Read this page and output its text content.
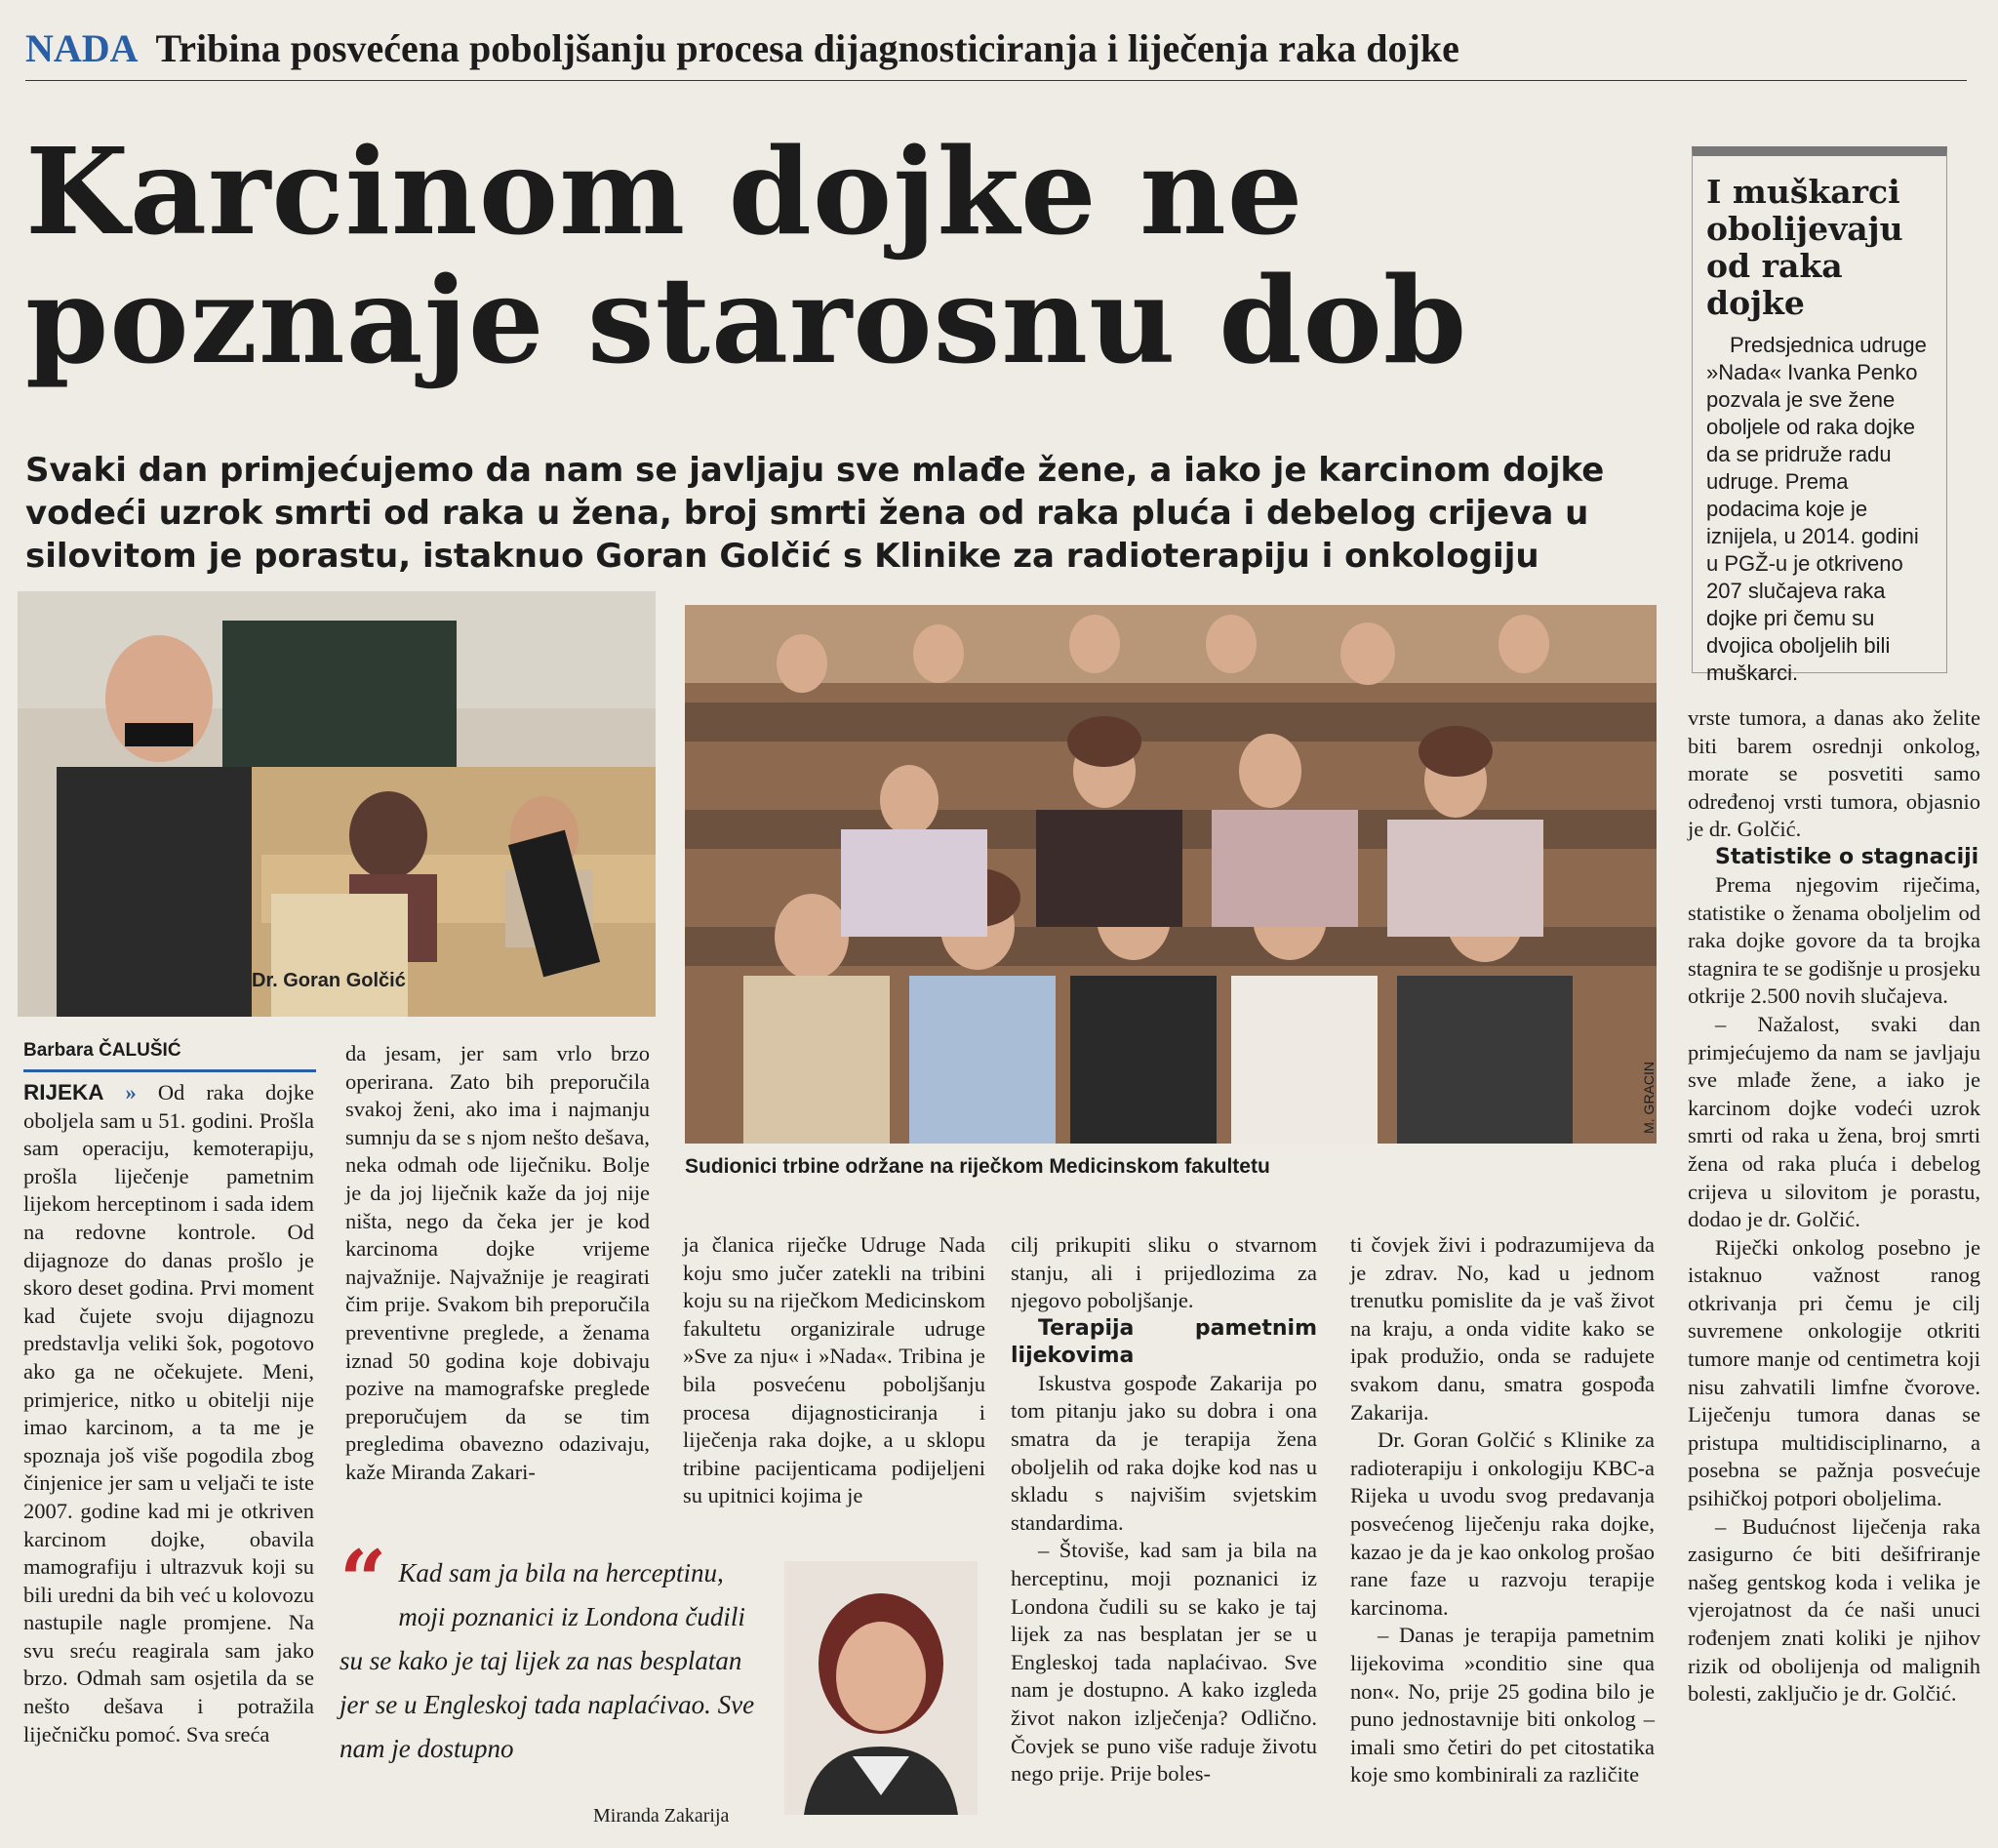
NADA Tribina posvećena poboljšanju procesa dijagnosticiranja i liječenja raka dojke
Karcinom dojke ne poznaje starosnu dob

Svaki dan primjećujemo da nam se javljaju sve mlađe žene, a iako je karcinom dojke vodeći uzrok smrti od raka u žena, broj smrti žena od raka pluća i debelog crijeva u silovitom je porastu, istaknuo Goran Golčić s Klinike za radioterapiju i onkologiju

Dr. Goran Golčić
M. GRACIN
Sudionici trbine održane na riječkom Medicinskom fakultetu
Barbara ČALUŠIĆ

RIJEKA » Od raka dojke oboljela sam u 51. godini. Prošla sam operaciju, kemoterapiju, prošla liječenje pametnim lijekom herceptinom i sada idem na redovne kontrole. Od dijagnoze do danas prošlo je skoro deset godina. Prvi moment kad čujete svoju dijagnozu predstavlja veliki šok, pogotovo ako ga ne očekujete. Meni, primjerice, nitko u obitelji nije imao karcinom, a ta me je spoznaja još više pogodila zbog činjenice jer sam u veljači te iste 2007. godine kad mi je otkriven karcinom dojke, obavila mamografiju i ultrazvuk koji su bili uredni da bih već u kolovozu nastupile nagle promjene. Na svu sreću reagirala sam jako brzo. Odmah sam osjetila da se nešto dešava i potražila liječničku pomoć. Sva sreća

da jesam, jer sam vrlo brzo operirana. Zato bih preporučila svakoj ženi, ako ima i najmanju sumnju da se s njom nešto dešava, neka odmah ode liječniku. Bolje je da joj liječnik kaže da joj nije ništa, nego da čeka jer je kod karcinoma dojke vrijeme najvažnije. Najvažnije je reagirati čim prije. Svakom bih preporučila preventivne preglede, a ženama iznad 50 godina koje dobivaju pozive na mamografske preglede preporučujem da se tim pregledima obavezno odazivaju, kaže Miranda Zakari-

ja članica riječke Udruge Nada koju smo jučer zatekli na tribini koju su na riječkom Medicinskom fakultetu organizirale udruge »Sve za nju« i »Nada«. Tribina je bila posvećenu poboljšanju procesa dijagnosticiranja i liječenja raka dojke, a u sklopu tribine pacijenticama podijeljeni su upitnici kojima je

cilj prikupiti sliku o stvarnom stanju, ali i prijedlozima za njegovo poboljšanje.

Terapija pametnim lijekovima

Iskustva gospođe Zakarija po tom pitanju jako su dobra i ona smatra da je terapija žena oboljelih od raka dojke kod nas u skladu s najvišim svjetskim standardima.

– Štoviše, kad sam ja bila na herceptinu, moji poznanici iz Londona čudili su se kako je taj lijek za nas besplatan jer se u Engleskoj tada naplaćivao. Sve nam je dostupno. A kako izgleda život nakon izlječenja? Odlično. Čovjek se puno više raduje životu nego prije. Prije boles-

ti čovjek živi i podrazumijeva da je zdrav. No, kad u jednom trenutku pomislite da je vaš život na kraju, a onda vidite kako se ipak produžio, onda se radujete svakom danu, smatra gospođa Zakarija.

Dr. Goran Golčić s Klinike za radioterapiju i onkologiju KBC-a Rijeka u uvodu svog predavanja posvećenog liječenju raka dojke, kazao je da je kao onkolog prošao rane faze u razvoju terapije karcinoma.

– Danas je terapija pametnim lijekovima »conditio sine qua non«. No, prije 25 godina bilo je puno jednostavnije biti onkolog – imali smo četiri do pet citostatika koje smo kombinirali za različite

vrste tumora, a danas ako želite biti barem osrednji onkolog, morate se posvetiti samo određenoj vrsti tumora, objasnio je dr. Golčić.

Statistike o stagnaciji

Prema njegovim riječima, statistike o ženama oboljelim od raka dojke govore da ta brojka stagnira te se godišnje u prosjeku otkrije 2.500 novih slučajeva.

– Nažalost, svaki dan primjećujemo da nam se javljaju sve mlađe žene, a iako je karcinom dojke vodeći uzrok smrti od raka u žena, broj smrti žena od raka pluća i debelog crijeva u silovitom je porastu, dodao je dr. Golčić.

Riječki onkolog posebno je istaknuo važnost ranog otkrivanja pri čemu je cilj suvremene onkologije otkriti tumore manje od centimetra koji nisu zahvatili limfne čvorove. Liječenju tumora danas se pristupa multidisciplinarno, a posebna se pažnja posvećuje psihičkoj potpori oboljelima.

– Budućnost liječenja raka zasigurno će biti dešifriranje našeg gentskog koda i velika je vjerojatnost da će naši unuci rođenjem znati koliki je njihov rizik od obolijenja od malignih bolesti, zaključio je dr. Golčić.

I muškarci obolijevaju od raka dojke

Predsjednica udruge »Nada« Ivanka Penko pozvala je sve žene oboljele od raka dojke da se pridruže radu udruge. Prema podacima koje je iznijela, u 2014. godini u PGŽ-u je otkriveno 207 slučajeva raka dojke pri čemu su dvojica oboljelih bili muškarci.

“ Kad sam ja bila na herceptinu, moji poznanici iz Londona čudili su se kako je taj lijek za nas besplatan jer se u Engleskoj tada naplaćivao. Sve nam je dostupno
Miranda Zakarija
